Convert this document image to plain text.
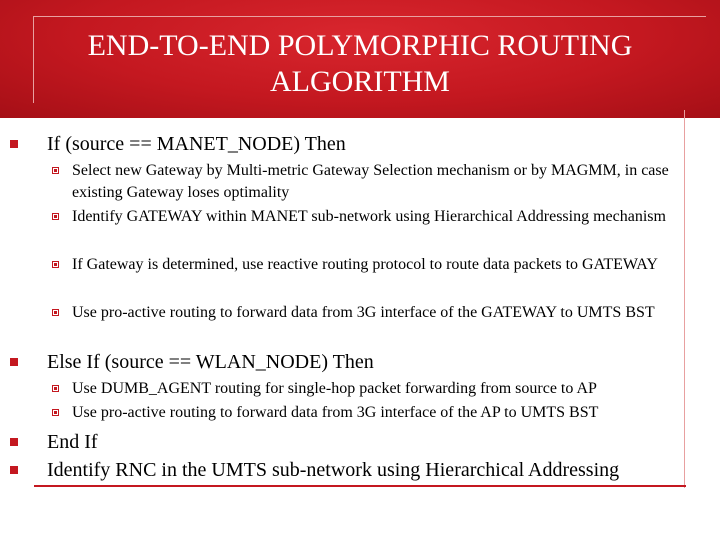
END-TO-END POLYMORPHIC ROUTING
ALGORITHM
If (source == MANET_NODE) Then
Select new Gateway by Multi-metric Gateway Selection mechanism or by MAGMM, in case existing Gateway loses optimality
Identify GATEWAY within MANET sub-network using Hierarchical Addressing mechanism
If Gateway is determined, use reactive routing protocol to route data packets to GATEWAY
Use pro-active routing to forward data from 3G interface of the GATEWAY to UMTS BST
Else If (source == WLAN_NODE) Then
Use DUMB_AGENT routing for single-hop packet forwarding from source to AP
Use pro-active routing to forward data from 3G interface of the AP to UMTS BST
End If
Identify RNC in the UMTS sub-network using Hierarchical Addressing
